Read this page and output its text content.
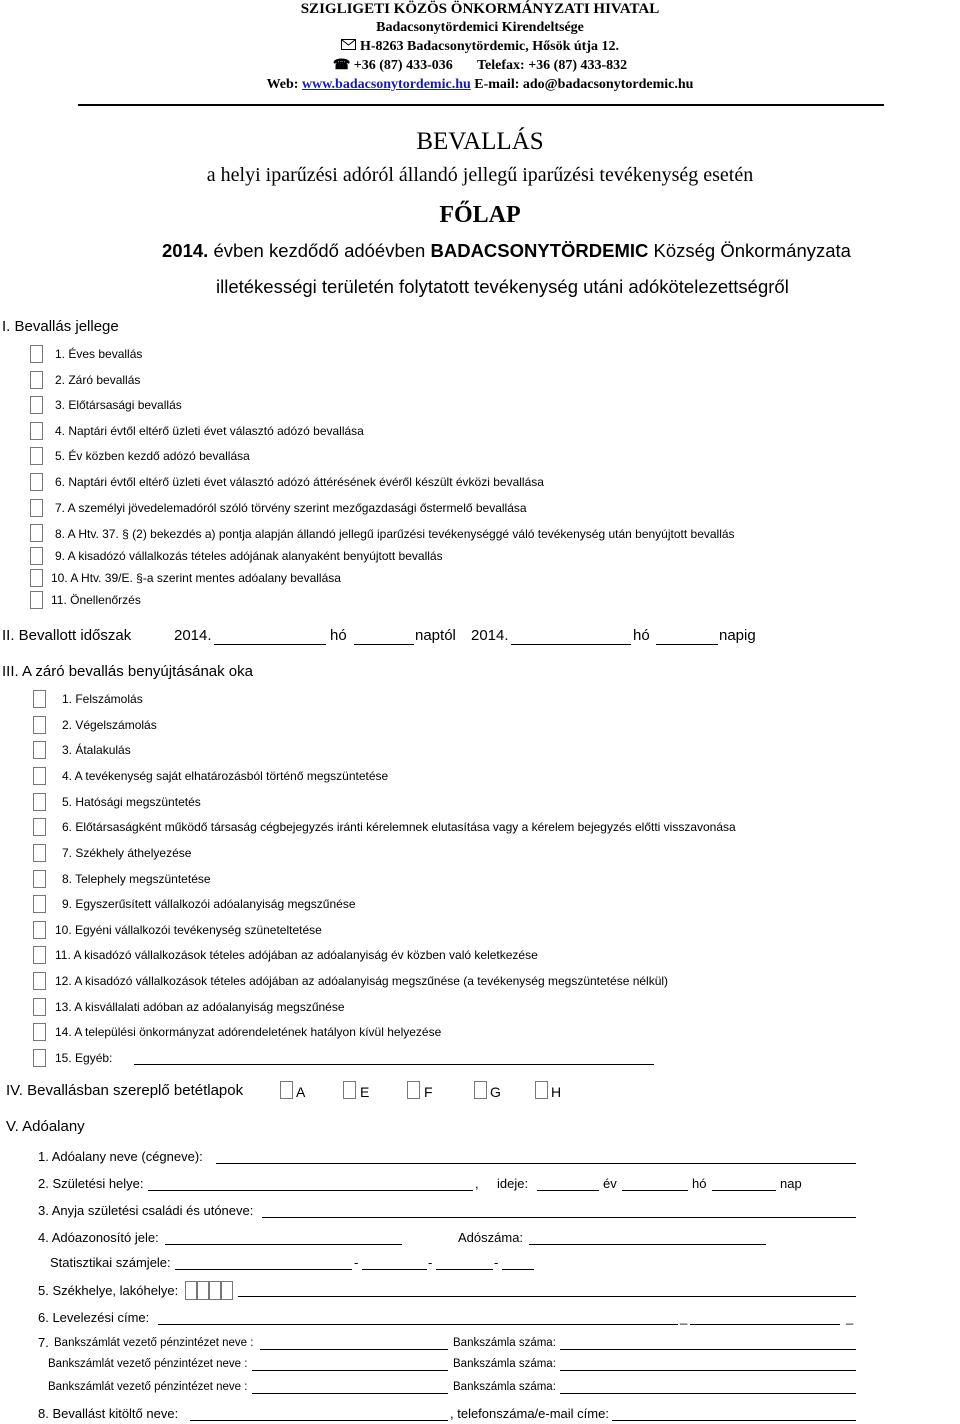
SZIGLIGETI KÖZÖS ÖNKORMÁNYZATI HIVATAL
Badacsonytördemici Kirendeltsége
H-8263 Badacsonytördemic, Hősök útja 12.
☎ +36 (87) 433-036 Telefax: +36 (87) 433-832
Web: www.badacsonytordemic.hu E-mail: ado@badacsonytordemic.hu
BEVALLÁS
a helyi iparűzési adóról állandó jellegű iparűzési tevékenység esetén
FŐLAP
2014. évben kezdődő adóévben BADACSONYTÖRDEMIC Község Önkormányzata
illetékességi területén folytatott tevékenység utáni adókötelezettségről
I. Bevallás jellege
1. Éves bevallás
2. Záró bevallás
3. Előtársasági bevallás
4. Naptári évtől eltérő üzleti évet választó adózó bevallása
5. Év közben kezdő adózó bevallása
6. Naptári évtől eltérő üzleti évet választó adózó áttérésének évéről készült évközi bevallása
7. A személyi jövedelemadóról szóló törvény szerint mezőgazdasági őstermelő bevallása
8. A Htv. 37. § (2) bekezdés a) pontja alapján állandó jellegű iparűzési tevékenységgé váló tevékenység után benyújtott bevallás
9. A kisadózó vállalkozás tételes adójának alanyaként benyújtott bevallás
10. A Htv. 39/E. §-a szerint mentes adóalany bevallása
11. Önellenőrzés
II. Bevallott időszak	2014.	hó	naptól 2014.	hó	napig
III. A záró bevallás benyújtásának oka
1. Felszámolás
2. Végelszámolás
3. Átalakulás
4. A tevékenység saját elhatározásból történő megszüntetése
5. Hatósági megszüntetés
6. Előtársaságként működő társaság cégbejegyzés iránti kérelemnek elutasítása vagy a kérelem bejegyzés előtti visszavonása
7. Székhely áthelyezése
8. Telephely megszüntetése
9. Egyszerűsített vállalkozói adóalanyiság megszűnése
10. Egyéni vállalkozói tevékenység szüneteltetése
11. A kisadózó vállalkozások tételes adójában az adóalanyiság év közben való keletkezése
12. A kisadózó vállalkozások tételes adójában az adóalanyiság megszűnése (a tevékenység megszüntetése nélkül)
13. A kisvállalati adóban az adóalanyiság megszűnése
14. A települési önkormányzat adórendeletének hatályon kívül helyezése
15. Egyéb:
IV. Bevallásban szereplő betétlapok	A	E	F	G	H
V. Adóalany
1. Adóalany neve (cégneve):
2. Születési helye:	, ideje:	év	hó	nap
3. Anyja születési családi és utóneve:
4. Adóazonosító jele:	Adószáma:
Statisztikai számjele:	-	-	-
5. Székhelye, lakóhelye:
6. Levelezési címe:	_	_
7. Bankszámlát vezető pénzintézet neve :	Bankszámla száma:
Bankszámlát vezető pénzintézet neve :	Bankszámla száma:
Bankszámlát vezető pénzintézet neve :	Bankszámla száma:
8. Bevallást kitöltő neve:	, telefonszáma/e-mail címe:
